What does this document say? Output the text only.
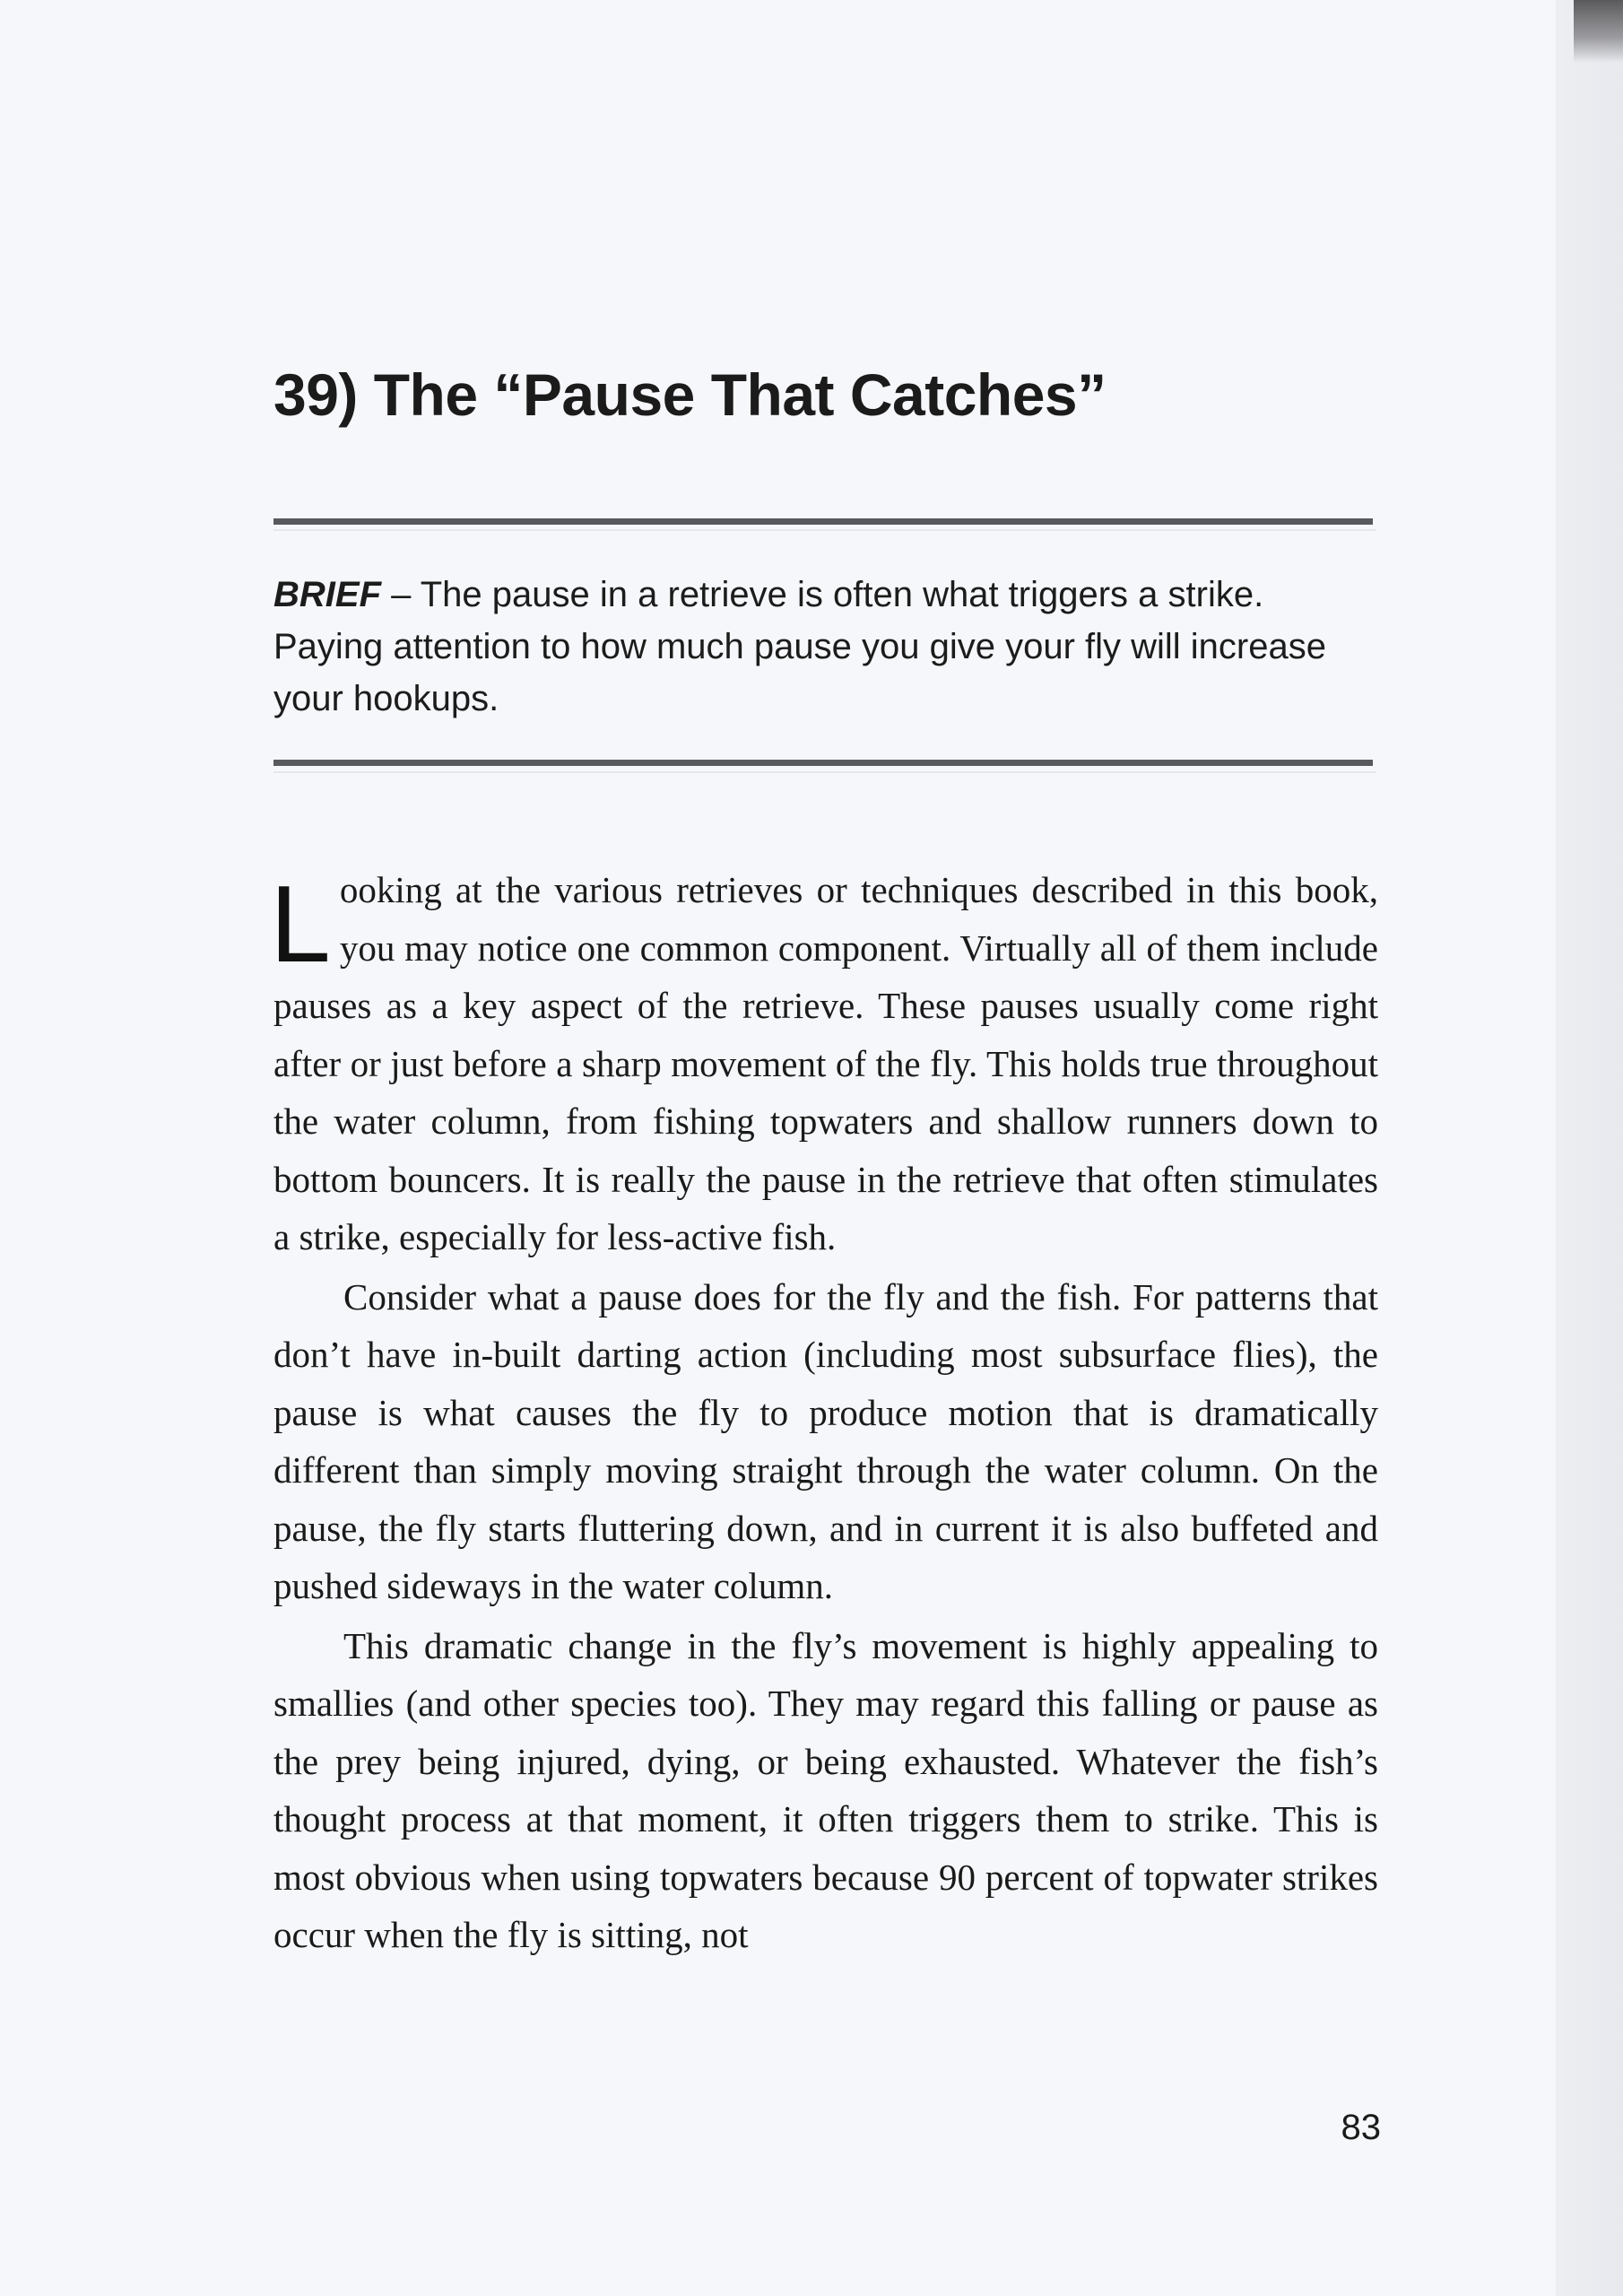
39) The “Pause That Catches”
BRIEF – The pause in a retrieve is often what triggers a strike. Paying attention to how much pause you give your fly will increase your hookups.

Looking at the various retrieves or techniques described in this book, you may notice one common component. Virtually all of them include pauses as a key aspect of the retrieve. These pauses usually come right after or just before a sharp movement of the fly. This holds true throughout the water column, from fishing topwaters and shallow runners down to bottom bouncers. It is really the pause in the retrieve that often stimulates a strike, especially for less-active fish.

Consider what a pause does for the fly and the fish. For patterns that don’t have in-built darting action (including most subsurface flies), the pause is what causes the fly to produce motion that is dramatically different than simply moving straight through the water column. On the pause, the fly starts fluttering down, and in current it is also buffeted and pushed sideways in the water column.

This dramatic change in the fly’s movement is highly appealing to smallies (and other species too). They may regard this falling or pause as the prey being injured, dying, or being exhausted. Whatever the fish’s thought process at that moment, it often triggers them to strike. This is most obvious when using topwaters because 90 percent of topwater strikes occur when the fly is sitting, not

83
